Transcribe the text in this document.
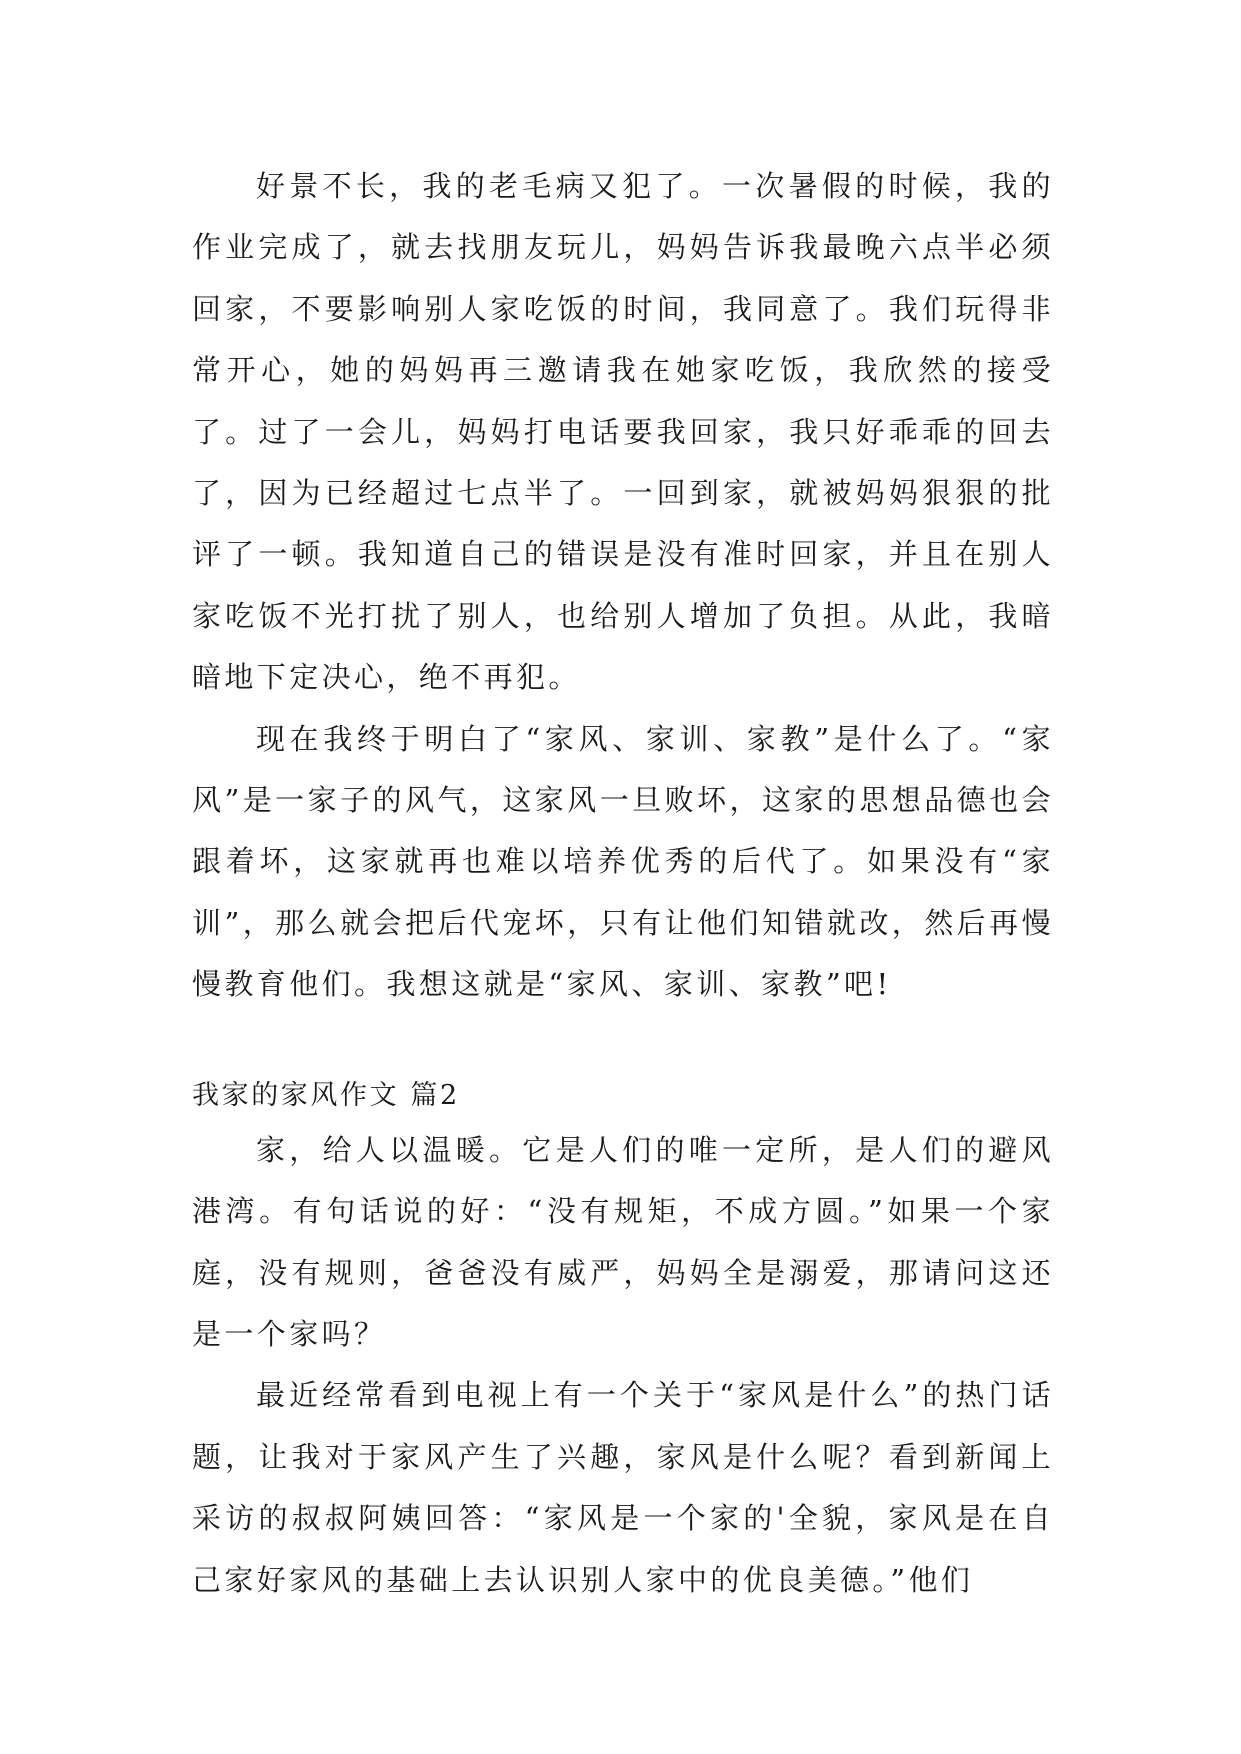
好景不长，我的老毛病又犯了。一次暑假的时候，我的作业完成了，就去找朋友玩儿，妈妈告诉我最晚六点半必须回家，不要影响别人家吃饭的时间，我同意了。我们玩得非常开心，她的妈妈再三邀请我在她家吃饭，我欣然的接受了。过了一会儿，妈妈打电话要我回家，我只好乖乖的回去了，因为已经超过七点半了。一回到家，就被妈妈狠狠的批评了一顿。我知道自己的错误是没有准时回家，并且在别人家吃饭不光打扰了别人，也给别人增加了负担。从此，我暗暗地下定决心，绝不再犯。

现在我终于明白了“家风、家训、家教”是什么了。“家风”是一家子的风气，这家风一旦败坏，这家的思想品德也会跟着坏，这家就再也难以培养优秀的后代了。如果没有“家训”，那么就会把后代宠坏，只有让他们知错就改，然后再慢慢教育他们。我想这就是“家风、家训、家教”吧!

我家的家风作文 篇2

家，给人以温暖。它是人们的唯一定所，是人们的避风港湾。有句话说的好：“没有规矩，不成方圆。”如果一个家庭，没有规则，爸爸没有威严，妈妈全是溺爱，那请问这还是一个家吗？

最近经常看到电视上有一个关于“家风是什么”的热门话题，让我对于家风产生了兴趣，家风是什么呢？看到新闻上采访的叔叔阿姨回答：“家风是一个家的'全貌，家风是在自己家好家风的基础上去认识别人家中的优良美德。”他们
